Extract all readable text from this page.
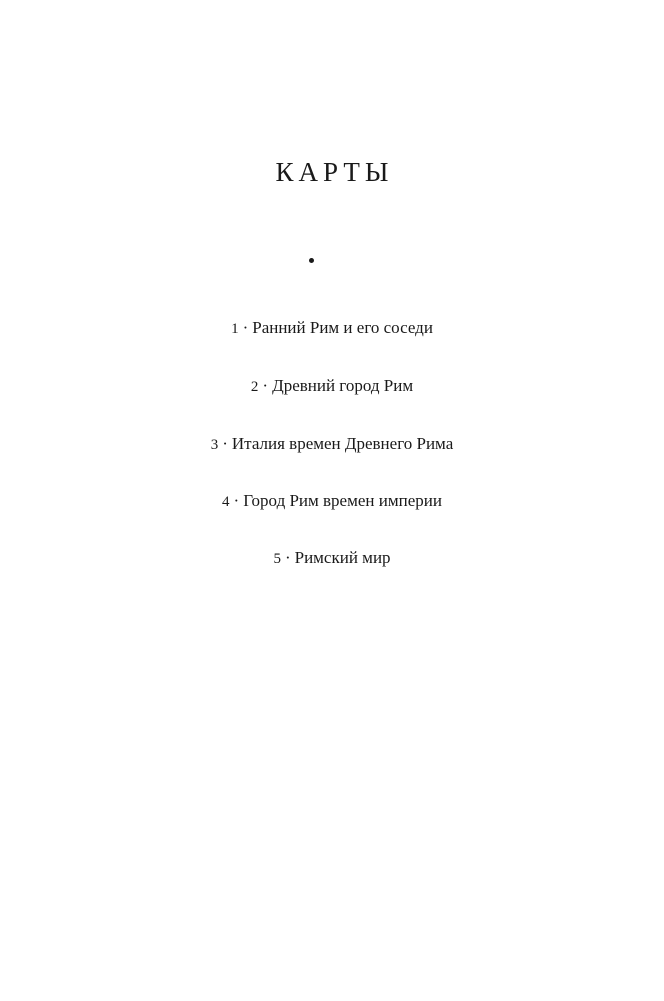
КАРТЫ
1 · Ранний Рим и его соседи
2 · Древний город Рим
3 · Италия времен Древнего Рима
4 · Город Рим времен империи
5 · Римский мир
